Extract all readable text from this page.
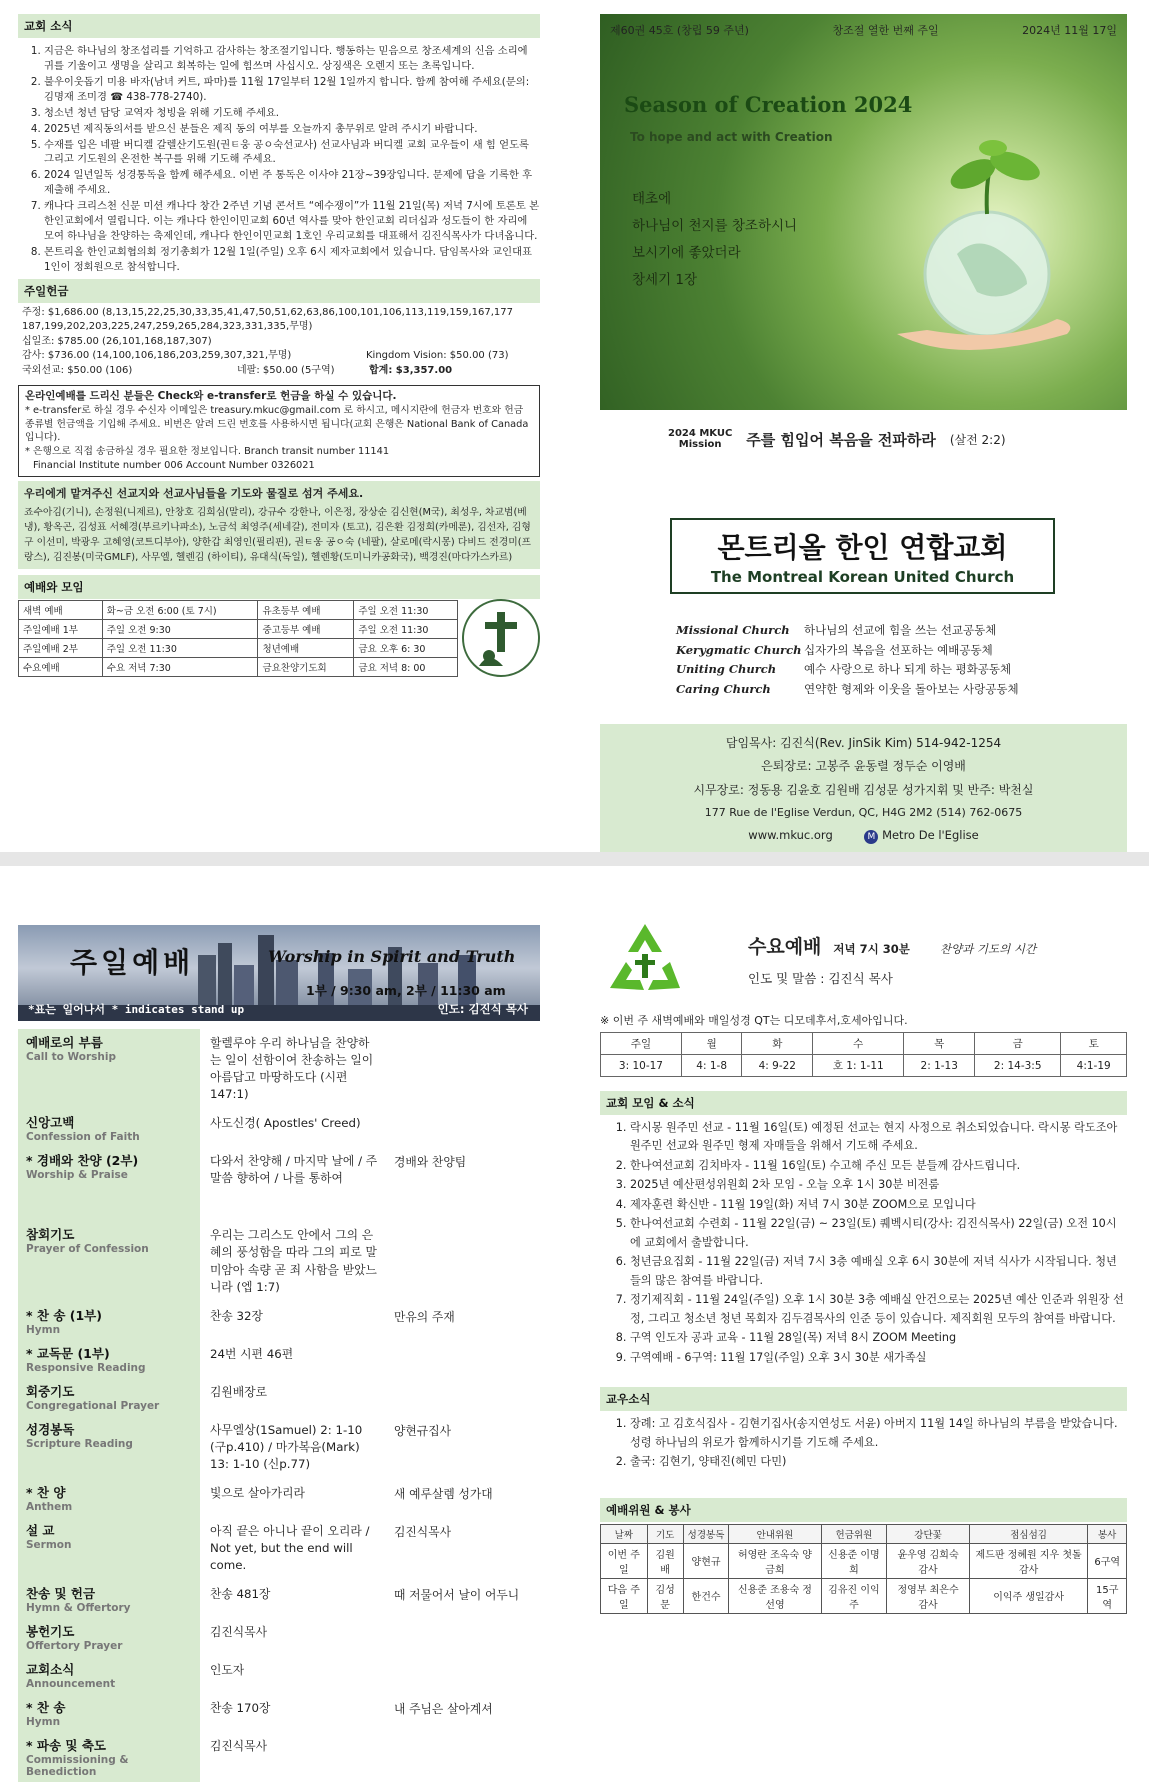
교회 소식
1. 지금은 하나님의 창조섭리를 기억하고 감사하는 창조절기입니다. 행동하는 믿음으로 창조세계의 신음 소리에 귀를 기울이고 생명을 살리고 회복하는 일에 힘쓰며 사십시오. 상징색은 오렌지 또는 초록입니다.
2. 불우이웃돕기 미용 바자(남녀 커트, 파마)를 11월 17일부터 12월 1일까지 합니다. 함께 참여해 주세요(문의: 김명재 조미경 ☎ 438-778-2740).
3. 청소년 청년 담당 교역자 청빙을 위해 기도해 주세요.
4. 2025년 제직동의서를 받으신 분들은 제직 동의 여부를 오늘까지 총무위로 알려 주시기 바랍니다.
5. 수재를 입은 네팔 버디켈 갈렐산기도원(권ㅌ웅 공ㅇ숙선교사) 선교사님과 버디켈 교회 교우들이 새 힘 얻도록 그리고 기도원의 온전한 복구를 위해 기도해 주세요.
6. 2024 일년일독 성경통독을 함께 해주세요. 이번 주 통독은 이사야 21장~39장입니다. 문제에 답을 기록한 후 제출해 주세요.
7. 캐나다 크리스천 신문 미션 캐나다 창간 2주년 기념 콘서트 “예수쟁이”가 11월 21일(목) 저녁 7시에 토론토 본한인교회에서 열립니다. 이는 캐나다 한인이민교회 60년 역사를 맞아 한인교회 리더십과 성도들이 한 자리에 모여 하나님을 찬양하는 축제인데, 캐나다 한인이민교회 1호인 우리교회를 대표해서 김진식목사가 다녀옵니다.
8. 몬트리올 한인교회협의회 정기총회가 12월 1일(주일) 오후 6시 제자교회에서 있습니다. 담임목사와 교인대표 1인이 정회원으로 참석합니다.
주일헌금
주정: $1,686.00 (8,13,15,22,25,30,33,35,41,47,50,51,62,63,86,100,101,106,113,119,159,167,177 187,199,202,203,225,247,259,265,284,323,331,335,무명)
십일조: $785.00 (26,101,168,187,307)
감사: $736.00 (14,100,106,186,203,259,307,321,무명)	Kingdom Vision: $50.00 (73)
국외선교: $50.00 (106)	네팔: $50.00 (5구역)	합계: $3,357.00
온라인예배를 드리신 분들은 Check와 e-transfer로 헌금을 하실 수 있습니다.
* e-transfer로 하실 경우 수신자 이메일은 treasury.mkuc@gmail.com 로 하시고, 메시지란에 헌금자 번호와 헌금 종류별 헌금액을 기입해 주세요. 비번은 알려 드린 번호를 사용하시면 됩니다(교회 은행은 National Bank of Canada 입니다).
* 은행으로 직접 송금하실 경우 필요한 정보입니다. Branch transit number 11141
Financial Institute number 006 Account Number 0326021
우리에게 맡겨주신 선교지와 선교사님들을 기도와 물질로 섬겨 주세요.
죠수아김(기니), 손정원(니제르), 안창호 김희심(말리), 강규수 강한나, 이은정, 장상순 김신현(M국), 최성우, 차교범(베냉), 황옥곤, 김성표 서혜경(부르키나파소), 노금석 최영주(세네갈), 전미자 (토고), 김은환 김정희(카메룬), 김선자, 김형구 이선미, 박광우 고혜영(코트디부아), 양한갑 최영인(필리핀), 권ㅌ웅 공ㅇ숙 (네팔), 살로메(락시몽) 다비드 전경미(프랑스), 김진봉(미국GMLF), 사무엘, 헬렌김 (하이티), 유대식(독일), 헬렌황(도미니카공화국), 백경진(마다가스카르)
예배와 모임
새벽 예배	화~금 오전 6:00 (토 7시)	유초등부 예배	주일 오전 11:30
주일예배 1부	주일 오전 9:30	중고등부 예배	주일 오전 11:30
주일예배 2부	주일 오전 11:30	청년예배	금요 오후 6: 30
수요예배	수요 저녁 7:30	금요찬양기도회	금요 저녁 8: 00
제60권 45호 (창립 59 주년)	창조절 열한 번째 주일	2024년 11월 17일
Season of Creation 2024
To hope and act with Creation
태초에
하나님이 천지를 창조하시니
보시기에 좋았더라
창세기 1장
2024 MKUC
Mission	주를 힘입어 복음을 전파하라 (살전 2:2)
몬트리올 한인 연합교회
The Montreal Korean United Church
Missional Church	하나님의 선교에 힘을 쓰는 선교공동체
Kerygmatic Church 십자가의 복음을 선포하는 예배공동체
Uniting Church	예수 사랑으로 하나 되게 하는 평화공동체
Caring Church	연약한 형제와 이웃을 돌아보는 사랑공동체
담임목사: 김진식(Rev. JinSik Kim) 514-942-1254
은퇴장로: 고봉주 윤동렬 정두순 이영배
시무장로: 정동용 김윤호 김원배 김성문 성가지휘 및 반주: 박천실
177 Rue de l'Eglise Verdun, QC, H4G 2M2 (514) 762-0675
www.mkuc.org	M Metro De l'Eglise
주일예배	Worship in Spirit and Truth
1부 / 9:30 am, 2부 / 11:30 am
*표는 일어나서 * indicates stand up	인도: 김진식 목사
예배로의 부름
Call to Worship
할렐루야 우리 하나님을 찬양하는 일이 선함이여 찬송하는 일이 아름답고 마땅하도다 (시편 147:1)
신앙고백
Confession of Faith
사도신경( Apostles' Creed)
* 경배와 찬양 (2부)
Worship & Praise
다와서 찬양해 / 마지막 날에 / 주 말씀 향하여 / 나를 통하여
경배와 찬양팀
참회기도
Prayer of Confession
우리는 그리스도 안에서 그의 은혜의 풍성함을 따라 그의 피로 말미암아 속량 곧 죄 사함을 받았느니라 (엡 1:7)
* 찬 송 (1부)
Hymn
찬송 32장	만유의 주재
* 교독문 (1부)
Responsive Reading
24번 시편 46편
회중기도
Congregational Prayer
김원배장로
성경봉독
Scripture Reading
사무엘상(1Samuel) 2: 1-10 (구p.410) / 마가복음(Mark) 13: 1-10 (신p.77)
양현규집사
* 찬 양
Anthem
빛으로 살아가리라	새 예루살렘 성가대
설 교
Sermon
아직 끝은 아니나 끝이 오리라 / Not yet, but the end will come.
김진식목사
찬송 및 헌금
Hymn & Offertory
찬송 481장	때 저물어서 날이 어두니
봉헌기도
Offertory Prayer
김진식목사
교회소식
Announcement
인도자
* 찬 송
Hymn
찬송 170장	내 주님은 살아계셔
* 파송 및 축도
Commissioning & Benediction
김진식목사
수요예배 저녁 7시 30분	찬양과 기도의 시간
인도 및 말씀 : 김진식 목사
※ 이번 주 새벽예배와 매일성경 QT는 디모데후서,호세아입니다.
주일	월	화	수	목	금	토
3: 10-17	4: 1-8	4: 9-22	호 1: 1-11	2: 1-13	2: 14-3:5	4:1-19
교회 모임 & 소식
1. 락시몽 원주민 선교 - 11월 16일(토) 예정된 선교는 현지 사정으로 취소되었습니다. 락시몽 락도조아 원주민 선교와 원주민 형제 자매들을 위해서 기도해 주세요.
2. 한나여선교회 김치바자 - 11월 16일(토) 수고해 주신 모든 분들께 감사드립니다.
3. 2025년 예산편성위원회 2차 모임 - 오늘 오후 1시 30분 비전룸
4. 제자훈련 확신반 - 11월 19일(화) 저녁 7시 30분 ZOOM으로 모입니다
5. 한나여선교회 수련회 - 11월 22일(금) ~ 23일(토) 퀘벡시티(강사: 김진식목사) 22일(금) 오전 10시에 교회에서 출발합니다.
6. 청년금요집회 - 11월 22일(금) 저녁 7시 3층 예배실 오후 6시 30분에 저녁 식사가 시작됩니다. 청년들의 많은 참여를 바랍니다.
7. 정기제직회 - 11월 24일(주일) 오후 1시 30분 3층 예배실 안건으로는 2025년 예산 인준과 위원장 선정, 그리고 청소년 청년 목회자 김두겸목사의 인준 등이 있습니다. 제직회원 모두의 참여를 바랍니다.
8. 구역 인도자 공과 교육 - 11월 28일(목) 저녁 8시 ZOOM Meeting
9. 구역예배 - 6구역: 11월 17일(주일) 오후 3시 30분 새가족실
교우소식
1. 장례: 고 김호식집사 - 김현기집사(송지연성도 서윤) 아버지 11월 14일 하나님의 부름을 받았습니다. 성령 하나님의 위로가 함께하시기를 기도해 주세요.
2. 출국: 김현기, 양태진(혜민 다민)
예배위원 & 봉사
날짜	기도	성경봉독	안내위원	헌금위원	강단꽃	점심섬김	봉사
이번 주일	김원배	양현규	허영란 조옥숙 양금희	신용준 이명희	윤우영 김희숙 감사	제드판 정혜원 지우 첫돌감사	6구역
다음 주일	김성문	한건수	신용준 조용숙 정선영	김유진 이익주	정영부 최은수 감사	이익주 생일감사	15구역
